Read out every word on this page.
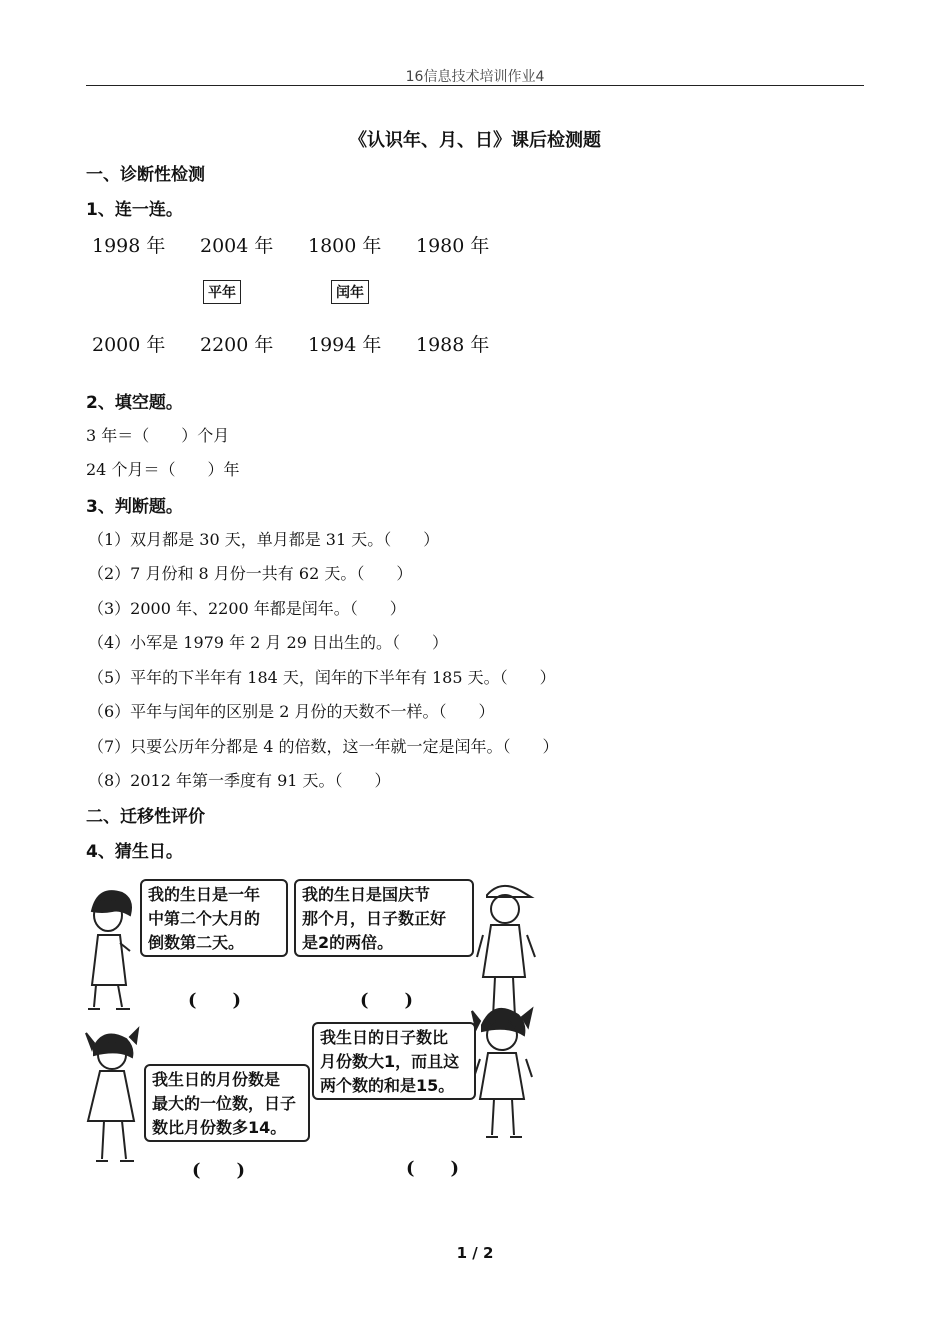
16信息技术培训作业4
《认识年、月、日》课后检测题
一、诊断性检测
1、连一连。
1998 年 2004 年 1800 年 1980 年
平年	闰年
2000 年 2200 年 1994 年 1988 年
2、填空题。
3 年＝（　　）个月
24 个月＝（　　）年
3、判断题。
（1）双月都是 30 天，单月都是 31 天。（　　）
（2）7 月份和 8 月份一共有 62 天。（　　）
（3）2000 年、2200 年都是闰年。（　　）
（4）小军是 1979 年 2 月 29 日出生的。（　　）
（5）平年的下半年有 184 天，闰年的下半年有 185 天。（　　）
（6）平年与闰年的区别是 2 月份的天数不一样。（　　）
（7）只要公历年分都是 4 的倍数，这一年就一定是闰年。（　　）
（8）2012 年第一季度有 91 天。（　　）
二、迁移性评价
4、猜生日。
我的生日是一年
中第二个大月的
倒数第二天。
我的生日是国庆节
那个月，日子数正好
是2的两倍。
(　　)	(　　)
我生日的月份数是
最大的一位数，日子
数比月份数多14。
我生日的日子数比
月份数大1，而且这
两个数的和是15。
(　　)	(　　)
1 / 2
